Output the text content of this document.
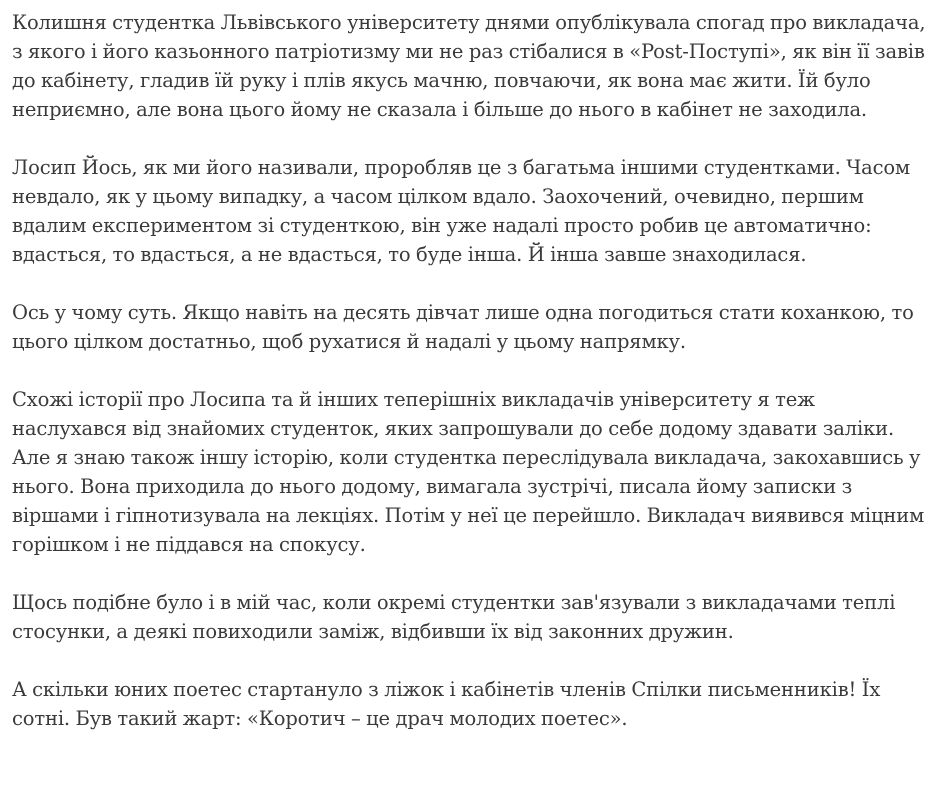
Колишня студентка Львівського університету днями опублікувала спогад про викладача, з якого і його казьонного патріотизму ми не раз стібалися в «Post-Поступі», як він її завів до кабінету, гладив їй руку і плів якусь мачню, повчаючи, як вона має жити. Їй було неприємно, але вона цього йому не сказала і більше до нього в кабінет не заходила.

Лосип Йось, як ми його називали, проробляв це з багатьма іншими студентками. Часом невдало, як у цьому випадку, а часом цілком вдало. Заохочений, очевидно, першим вдалим експериментом зі студенткою, він уже надалі просто робив це автоматично: вдасться, то вдасться, а не вдасться, то буде інша. Й інша завше знаходилася.

Ось у чому суть. Якщо навіть на десять дівчат лише одна погодиться стати коханкою, то цього цілком достатньо, щоб рухатися й надалі у цьому напрямку.

Схожі історії про Лосипа та й інших теперішніх викладачів університету я теж наслухався від знайомих студенток, яких запрошували до себе додому здавати заліки. Але я знаю також іншу історію, коли студентка переслідувала викладача, закохавшись у нього. Вона приходила до нього додому, вимагала зустрічі, писала йому записки з віршами і гіпнотизувала на лекціях. Потім у неї це перейшло. Викладач виявився міцним горішком і не піддався на спокусу.

Щось подібне було і в мій час, коли окремі студентки зав'язували з викладачами теплі стосунки, а деякі повиходили заміж, відбивши їх від законних дружин.

А скільки юних поетес стартануло з ліжок і кабінетів членів Спілки письменників! Їх сотні. Був такий жарт: «Коротич – це драч молодих поетес».
